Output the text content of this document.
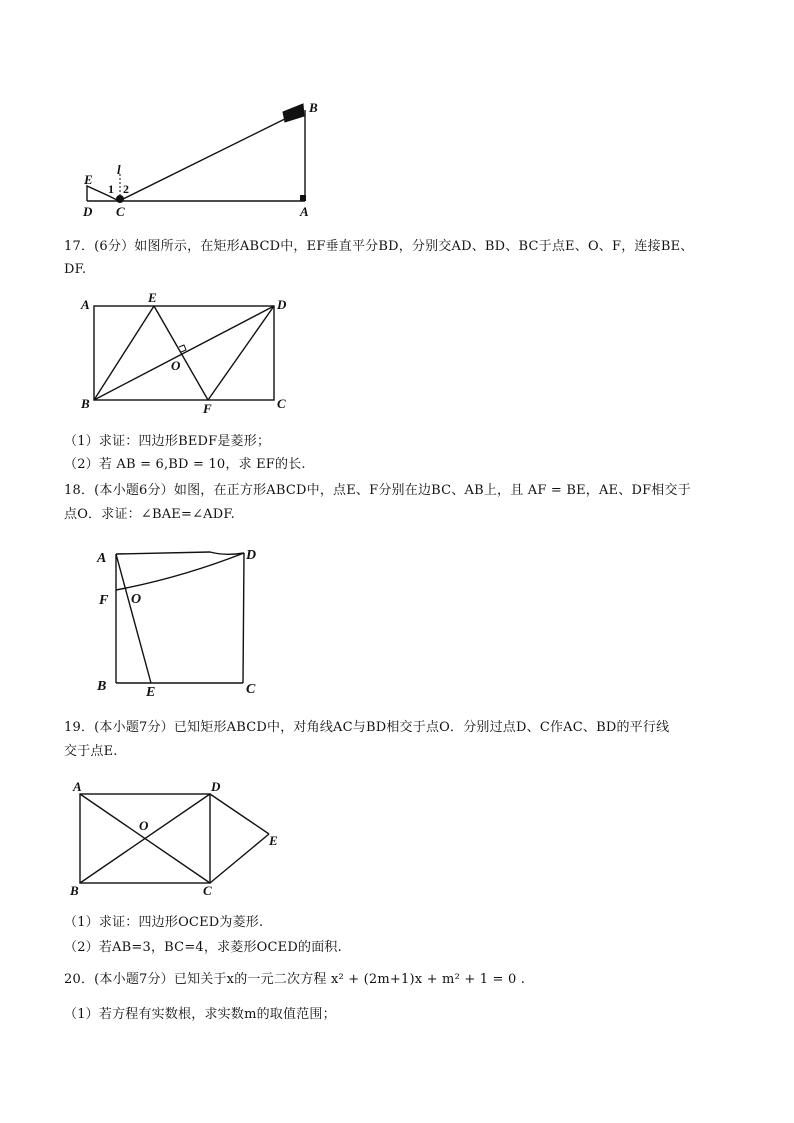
B
E
l
1 2
D C	A
17．(6分）如图所示，在矩形ABCD中，EF垂直平分BD，分别交AD、BD、BC于点E、O、F，连接BE、
DF.
A	E	D
O
B	F	C
（1）求证：四边形BEDF是菱形；
（2）若 AB = 6,BD = 10，求 EF的长.
18．(本小题6分）如图，在正方形ABCD中，点E、F分别在边BC、AB上，且 AF = BE，AE、DF相交于
点O．求证：∠BAE=∠ADF.
A	D
F O
B	E	C
19．(本小题7分）已知矩形ABCD中，对角线AC与BD相交于点O．分别过点D、C作AC、BD的平行线
交于点E.
A	D
O
E
B	C
（1）求证：四边形OCED为菱形.
（2）若AB=3，BC=4，求菱形OCED的面积.
20．(本小题7分）已知关于x的一元二次方程 x² + (2m+1)x + m² + 1 = 0 .
（1）若方程有实数根，求实数m的取值范围；
